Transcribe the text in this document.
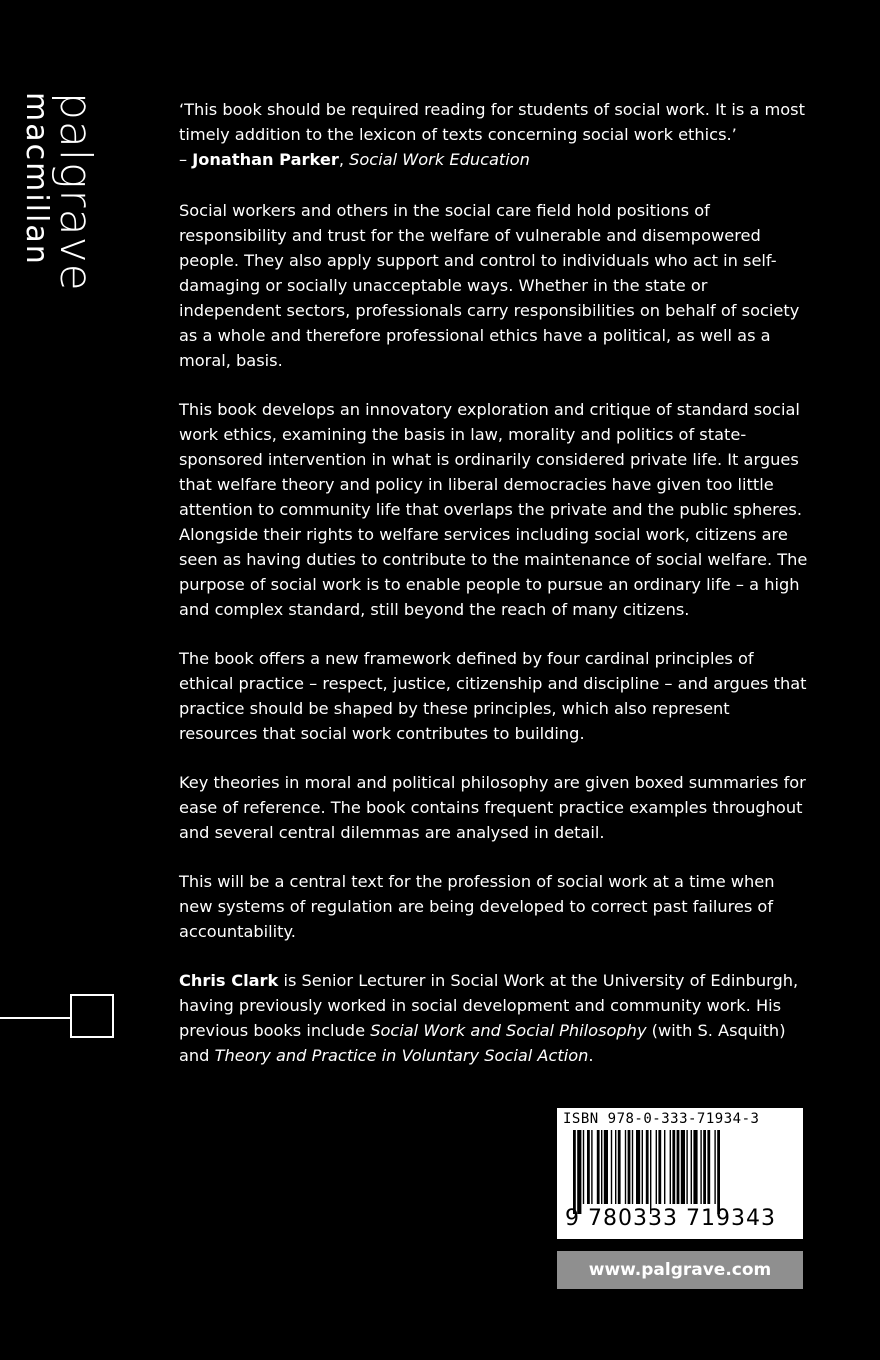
palgrave
macmillan	‘This book should be required reading for students of social work. It is a most timely addition to the lexicon of texts concerning social work ethics.’
– Jonathan Parker, Social Work Education

Social workers and others in the social care field hold positions of responsibility and trust for the welfare of vulnerable and disempowered people. They also apply support and control to individuals who act in self-damaging or socially unacceptable ways. Whether in the state or independent sectors, professionals carry responsibilities on behalf of society as a whole and therefore professional ethics have a political, as well as a moral, basis.

This book develops an innovatory exploration and critique of standard social work ethics, examining the basis in law, morality and politics of state-sponsored intervention in what is ordinarily considered private life. It argues that welfare theory and policy in liberal democracies have given too little attention to community life that overlaps the private and the public spheres. Alongside their rights to welfare services including social work, citizens are seen as having duties to contribute to the maintenance of social welfare. The purpose of social work is to enable people to pursue an ordinary life – a high and complex standard, still beyond the reach of many citizens.

The book offers a new framework defined by four cardinal principles of ethical practice – respect, justice, citizenship and discipline – and argues that practice should be shaped by these principles, which also represent resources that social work contributes to building.

Key theories in moral and political philosophy are given boxed summaries for ease of reference. The book contains frequent practice examples throughout and several central dilemmas are analysed in detail.

This will be a central text for the profession of social work at a time when new systems of regulation are being developed to correct past failures of accountability.

Chris Clark is Senior Lecturer in Social Work at the University of Edinburgh, having previously worked in social development and community work. His previous books include Social Work and Social Philosophy (with S. Asquith) and Theory and Practice in Voluntary Social Action.

ISBN 978-0-333-71934-3
9 780333 719343
www.palgrave.com
